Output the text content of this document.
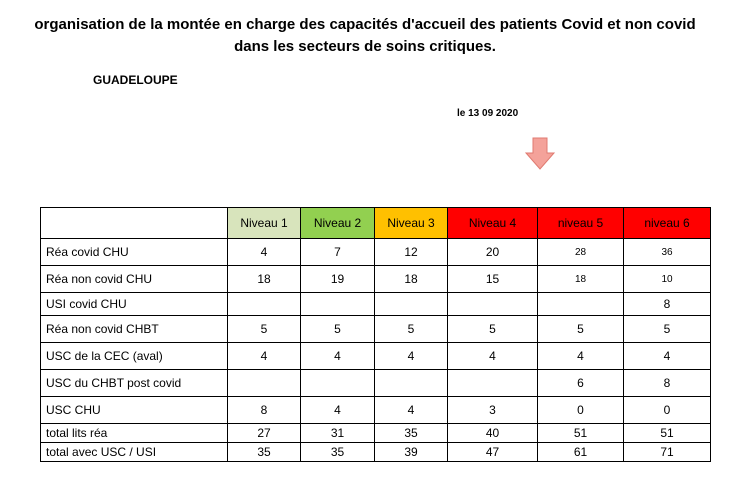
organisation de la montée en charge des capacités d'accueil des patients Covid et non covid
dans les secteurs de soins critiques.
GUADELOUPE
le 13 09 2020
	Niveau 1	Niveau 2	Niveau 3	Niveau 4	niveau 5	niveau 6
Réa covid CHU	4	7	12	20	28	36
Réa non covid CHU	18	19	18	15	18	10
USI covid CHU						8
Réa non covid CHBT	5	5	5	5	5	5
USC de la CEC (aval)	4	4	4	4	4	4
USC du CHBT post covid					6	8
USC CHU	8	4	4	3	0	0
total lits réa	27	31	35	40	51	51
total avec USC / USI	35	35	39	47	61	71
